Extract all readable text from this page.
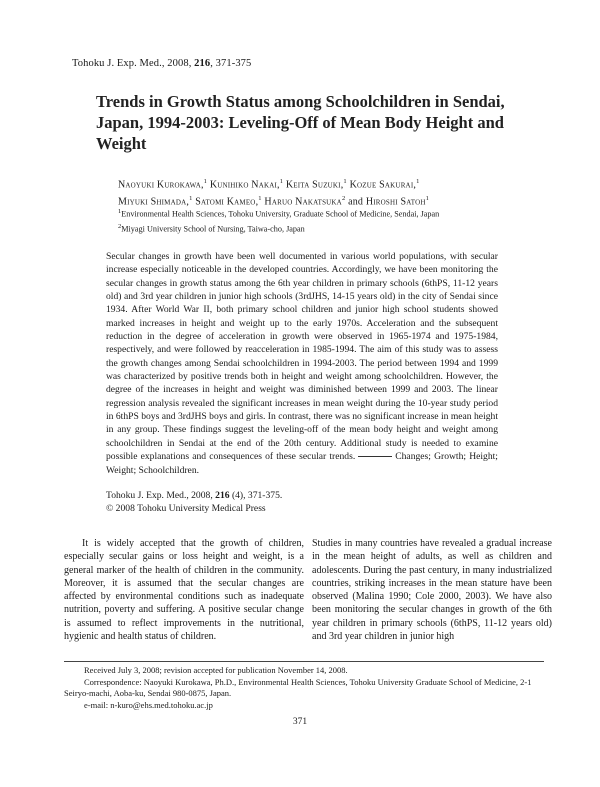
Tohoku J. Exp. Med., 2008, 216, 371-375
Trends in Growth Status among Schoolchildren in Sendai, Japan, 1994-2003: Leveling-Off of Mean Body Height and Weight
Naoyuki Kurokawa,$^1$ Kunihiko Nakai,$^1$ Keita Suzuki,$^1$ Kozue Sakurai,$^1$
Miyuki Shimada,$^1$ Satomi Kameo,$^1$ Haruo Nakatsuka$^2$ and Hiroshi Satoh$^1$
$^1$Environmental Health Sciences, Tohoku University, Graduate School of Medicine, Sendai, Japan
$^2$Miyagi University School of Nursing, Taiwa-cho, Japan
Secular changes in growth have been well documented in various world populations, with secular increase especially noticeable in the developed countries. Accordingly, we have been monitoring the secular changes in growth status among the 6th year children in primary schools (6thPS, 11-12 years old) and 3rd year children in junior high schools (3rdJHS, 14-15 years old) in the city of Sendai since 1934. After World War II, both primary school children and junior high school students showed marked increases in height and weight up to the early 1970s. Acceleration and the subsequent reduction in the degree of acceleration in growth were observed in 1965-1974 and 1975-1984, respectively, and were followed by reacceleration in 1985-1994. The aim of this study was to assess the growth changes among Sendai schoolchildren in 1994-2003. The period between 1994 and 1999 was characterized by positive trends both in height and weight among schoolchildren. However, the degree of the increases in height and weight was diminished between 1999 and 2003. The linear regression analysis revealed the significant increases in mean weight during the 10-year study period in 6thPS boys and 3rdJHS boys and girls. In contrast, there was no significant increase in mean height in any group. These findings suggest the leveling-off of the mean body height and weight among schoolchildren in Sendai at the end of the 20th century. Additional study is needed to examine possible explanations and consequences of these secular trends.	Changes; Growth; Height; Weight; Schoolchildren.
Tohoku J. Exp. Med., 2008, 216 (4), 371-375.
© 2008 Tohoku University Medical Press

It is widely accepted that the growth of children, especially secular gains or loss height and weight, is a general marker of the health of children in the community. Moreover, it is assumed that the secular changes are affected by environmental conditions such as inadequate nutrition, poverty and suffering. A positive secular change is assumed to reflect improvements in the nutritional, hygienic and health status of children.

Studies in many countries have revealed a gradual increase in the mean height of adults, as well as children and adolescents. During the past century, in many industrialized countries, striking increases in the mean stature have been observed (Malina 1990; Cole 2000, 2003). We have also been monitoring the secular changes in growth of the 6th year children in primary schools (6thPS, 11-12 years old) and 3rd year children in junior high

Received July 3, 2008; revision accepted for publication November 14, 2008.

Correspondence: Naoyuki Kurokawa, Ph.D., Environmental Health Sciences, Tohoku University Graduate School of Medicine, 2-1 Seiryo-machi, Aoba-ku, Sendai 980-0875, Japan.

e-mail: n-kuro@ehs.med.tohoku.ac.jp

371
